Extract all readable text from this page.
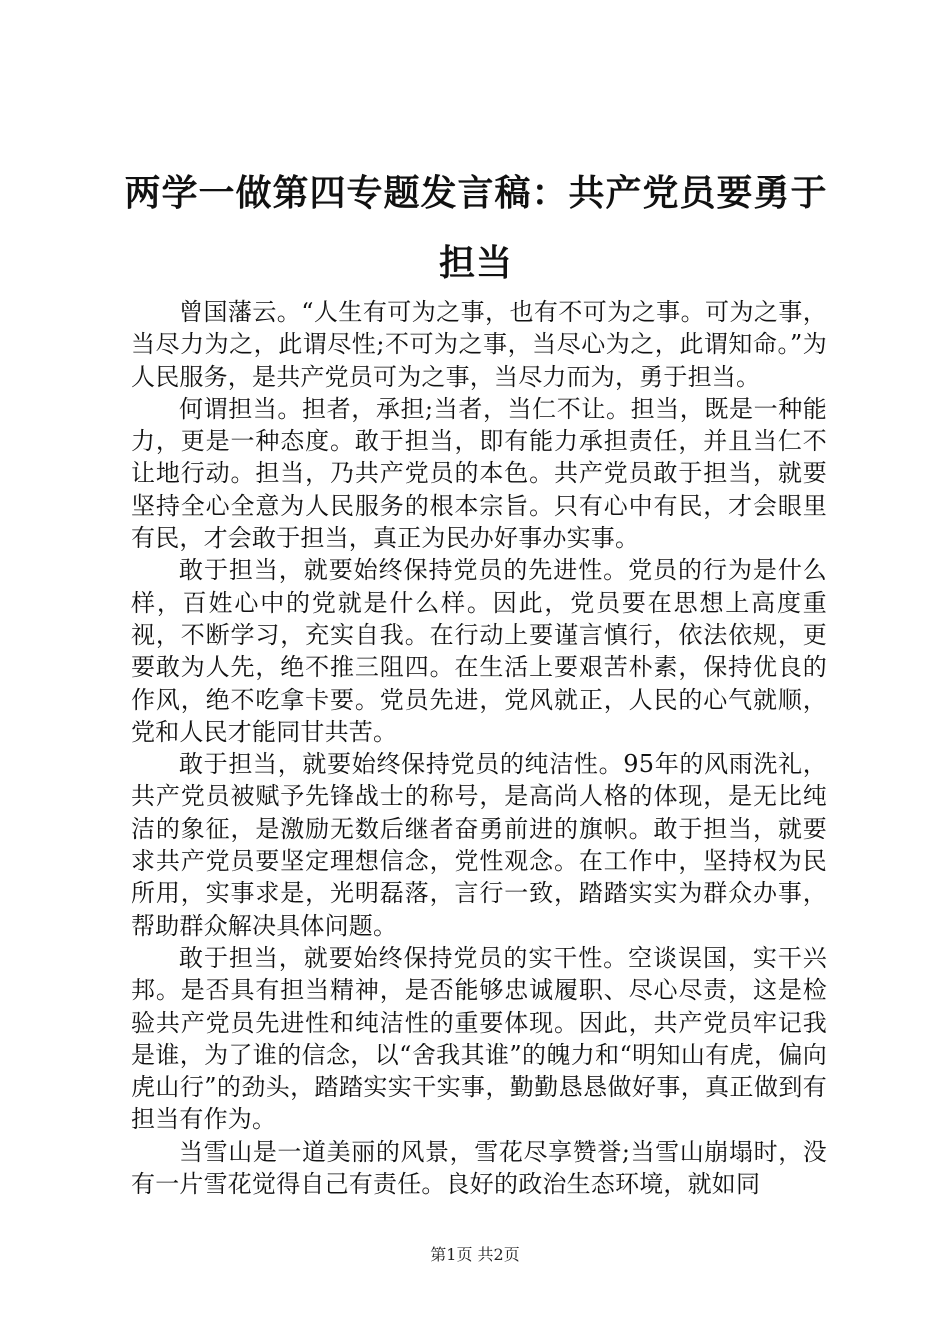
两学一做第四专题发言稿：共产党员要勇于担当

曾国藩云。“人生有可为之事，也有不可为之事。可为之事，当尽力为之，此谓尽性;不可为之事，当尽心为之，此谓知命。”为人民服务，是共产党员可为之事，当尽力而为，勇于担当。

何谓担当。担者，承担;当者，当仁不让。担当，既是一种能力，更是一种态度。敢于担当，即有能力承担责任，并且当仁不让地行动。担当，乃共产党员的本色。共产党员敢于担当，就要坚持全心全意为人民服务的根本宗旨。只有心中有民，才会眼里有民，才会敢于担当，真正为民办好事办实事。

敢于担当，就要始终保持党员的先进性。党员的行为是什么样，百姓心中的党就是什么样。因此，党员要在思想上高度重视，不断学习，充实自我。在行动上要谨言慎行，依法依规，更要敢为人先，绝不推三阻四。在生活上要艰苦朴素，保持优良的作风，绝不吃拿卡要。党员先进，党风就正，人民的心气就顺，党和人民才能同甘共苦。

敢于担当，就要始终保持党员的纯洁性。95年的风雨洗礼，共产党员被赋予先锋战士的称号，是高尚人格的体现，是无比纯洁的象征，是激励无数后继者奋勇前进的旗帜。敢于担当，就要求共产党员要坚定理想信念，党性观念。在工作中，坚持权为民所用，实事求是，光明磊落，言行一致，踏踏实实为群众办事，帮助群众解决具体问题。

敢于担当，就要始终保持党员的实干性。空谈误国，实干兴邦。是否具有担当精神，是否能够忠诚履职、尽心尽责，这是检验共产党员先进性和纯洁性的重要体现。因此，共产党员牢记我是谁，为了谁的信念，以“舍我其谁”的魄力和“明知山有虎，偏向虎山行”的劲头，踏踏实实干实事，勤勤恳恳做好事，真正做到有担当有作为。

当雪山是一道美丽的风景，雪花尽享赞誉;当雪山崩塌时，没有一片雪花觉得自己有责任。良好的政治生态环境，就如同

第1页 共2页
